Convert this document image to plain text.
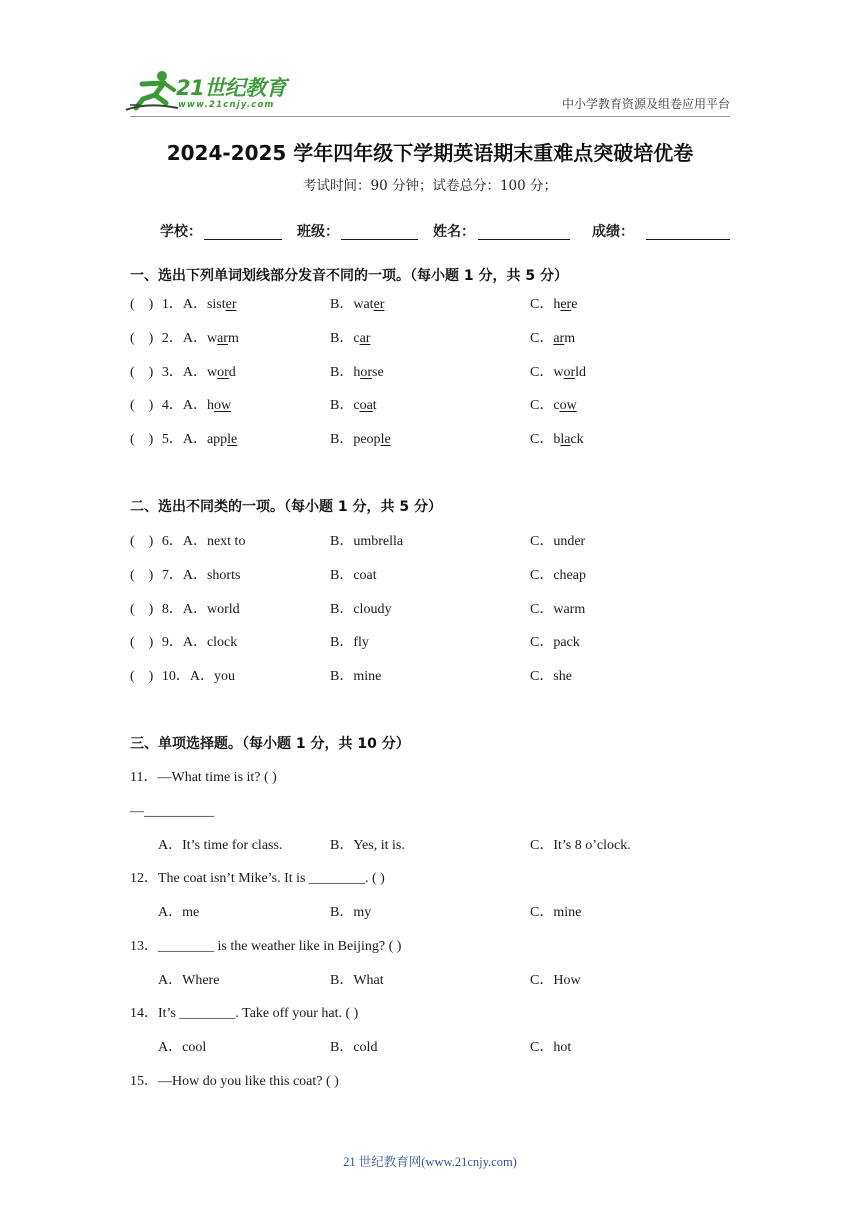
21世纪教育
www.21cnjy.com	中小学教育资源及组卷应用平台
2024-2025 学年四年级下学期英语期末重难点突破培优卷
考试时间：90 分钟；试卷总分：100 分；
学校：	班级：	姓名：	成绩：
一、选出下列单词划线部分发音不同的一项。（每小题 1 分，共 5 分）
(    ) 1．A．sister	B．water	C．here
(    ) 2．A．warm	B．car	C．arm
(    ) 3．A．word	B．horse	C．world
(    ) 4．A．how	B．coat	C．cow
(    ) 5．A．apple	B．people	C．black
二、选出不同类的一项。（每小题 1 分，共 5 分）
(    ) 6．A．next to	B．umbrella	C．under
(    ) 7．A．shorts	B．coat	C．cheap
(    ) 8．A．world	B．cloudy	C．warm
(    ) 9．A．clock	B．fly	C．pack
(    ) 10．A．you	B．mine	C．she
三、单项选择题。（每小题 1 分，共 10 分）
11．—What time is it? ( )
—__________
A．It’s time for class.	B．Yes, it is.	C．It’s 8 o’clock.
12．The coat isn’t Mike’s. It is ________. ( )
A．me	B．my	C．mine
13．________ is the weather like in Beijing? ( )
A．Where	B．What	C．How
14．It’s ________. Take off your hat. ( )
A．cool	B．cold	C．hot
15．—How do you like this coat? ( )
21 世纪教育网(www.21cnjy.com)
